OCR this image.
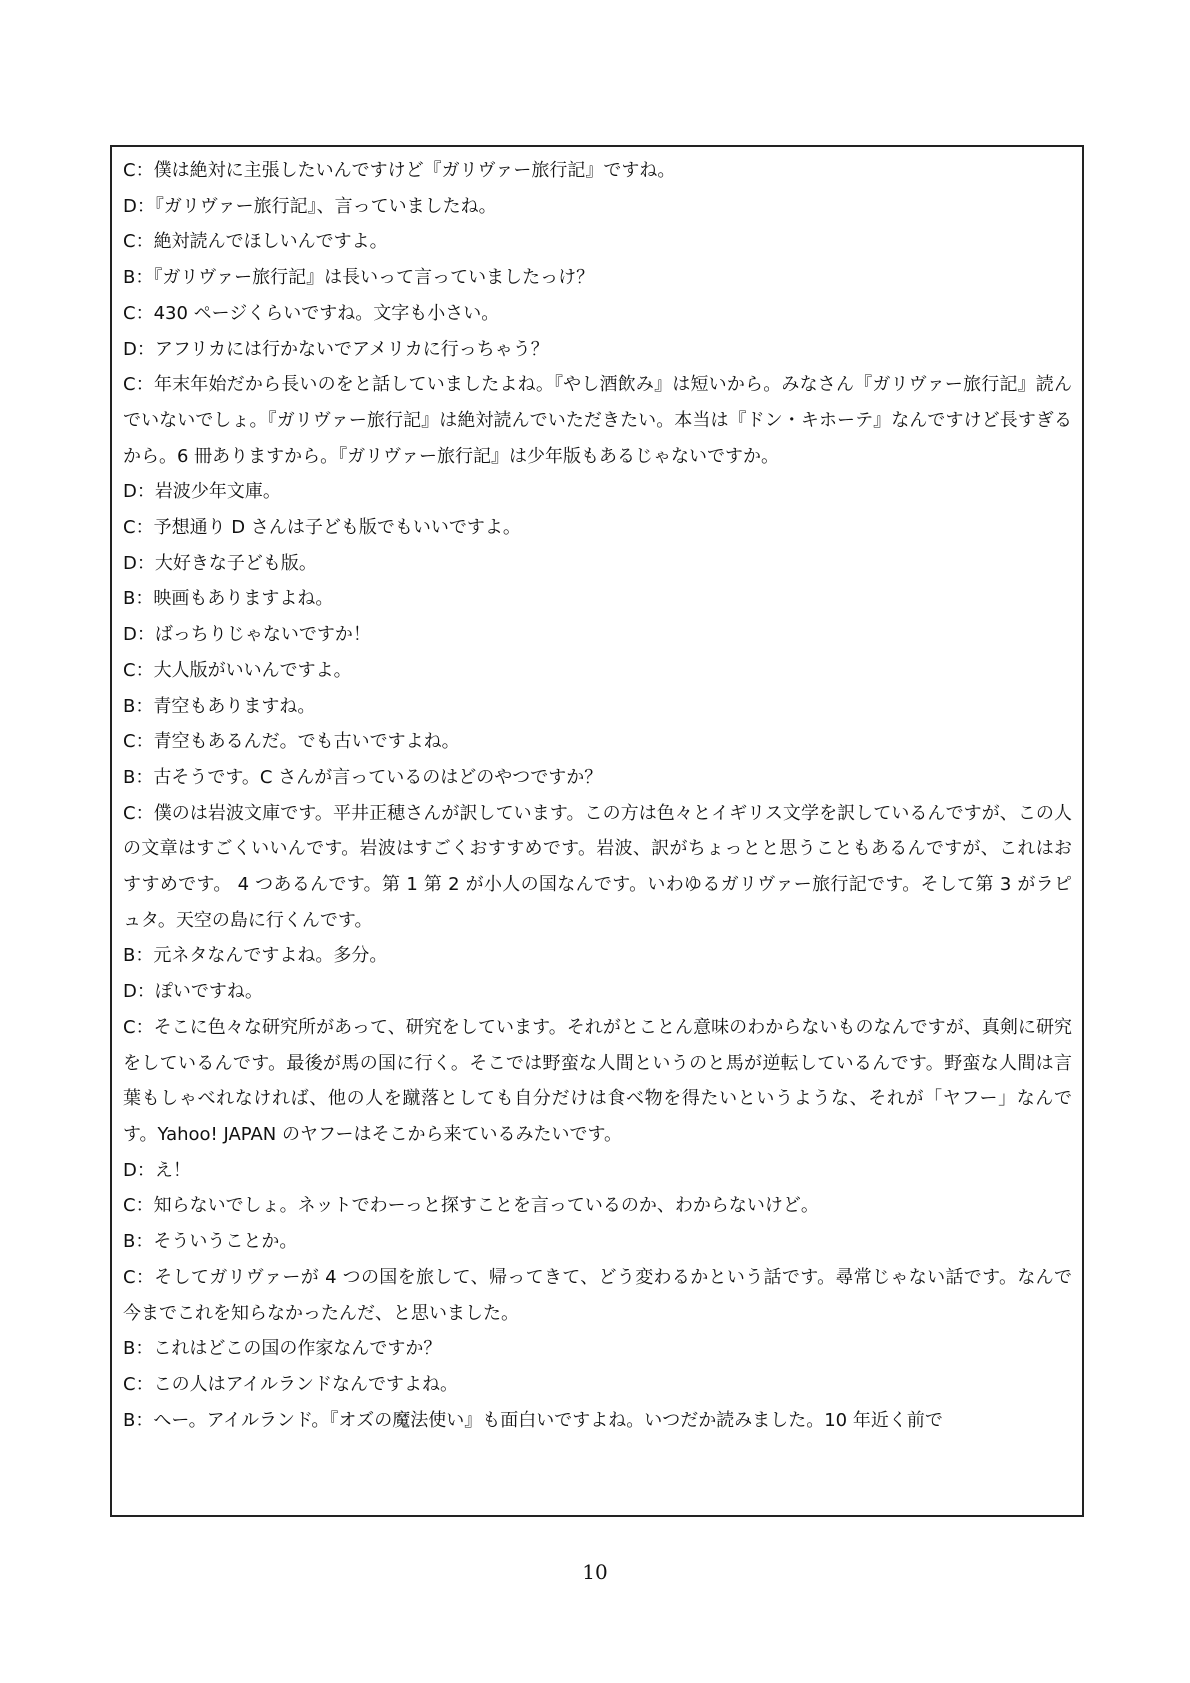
C：僕は絶対に主張したいんですけど『ガリヴァー旅行記』ですね。

D：『ガリヴァー旅行記』、言っていましたね。

C：絶対読んでほしいんですよ。

B：『ガリヴァー旅行記』は長いって言っていましたっけ？

C：430 ページくらいですね。文字も小さい。

D：アフリカには行かないでアメリカに行っちゃう？

C：年末年始だから長いのをと話していましたよね。『やし酒飲み』は短いから。みなさん『ガリヴァー旅行記』読んでいないでしょ。『ガリヴァー旅行記』は絶対読んでいただきたい。本当は『ドン・キホーテ』なんですけど長すぎるから。6 冊ありますから。『ガリヴァー旅行記』は少年版もあるじゃないですか。

D：岩波少年文庫。

C：予想通り D さんは子ども版でもいいですよ。

D：大好きな子ども版。

B：映画もありますよね。

D：ばっちりじゃないですか！

C：大人版がいいんですよ。

B：青空もありますね。

C：青空もあるんだ。でも古いですよね。

B：古そうです。C さんが言っているのはどのやつですか？

C：僕のは岩波文庫です。平井正穂さんが訳しています。この方は色々とイギリス文学を訳しているんですが、この人の文章はすごくいいんです。岩波はすごくおすすめです。岩波、訳がちょっとと思うこともあるんですが、これはおすすめです。 4 つあるんです。第 1 第 2 が小人の国なんです。いわゆるガリヴァー旅行記です。そして第 3 がラピュタ。天空の島に行くんです。

B：元ネタなんですよね。多分。

D：ぽいですね。

C：そこに色々な研究所があって、研究をしています。それがとことん意味のわからないものなんですが、真剣に研究をしているんです。最後が馬の国に行く。そこでは野蛮な人間というのと馬が逆転しているんです。野蛮な人間は言葉もしゃべれなければ、他の人を蹴落としても自分だけは食べ物を得たいというような、それが「ヤフー」なんです。Yahoo! JAPAN のヤフーはそこから来ているみたいです。

D：え！

C：知らないでしょ。ネットでわーっと探すことを言っているのか、わからないけど。

B：そういうことか。

C：そしてガリヴァーが 4 つの国を旅して、帰ってきて、どう変わるかという話です。尋常じゃない話です。なんで今までこれを知らなかったんだ、と思いました。

B：これはどこの国の作家なんですか？

C：この人はアイルランドなんですよね。

B：へー。アイルランド。『オズの魔法使い』も面白いですよね。いつだか読みました。10 年近く前で

10
